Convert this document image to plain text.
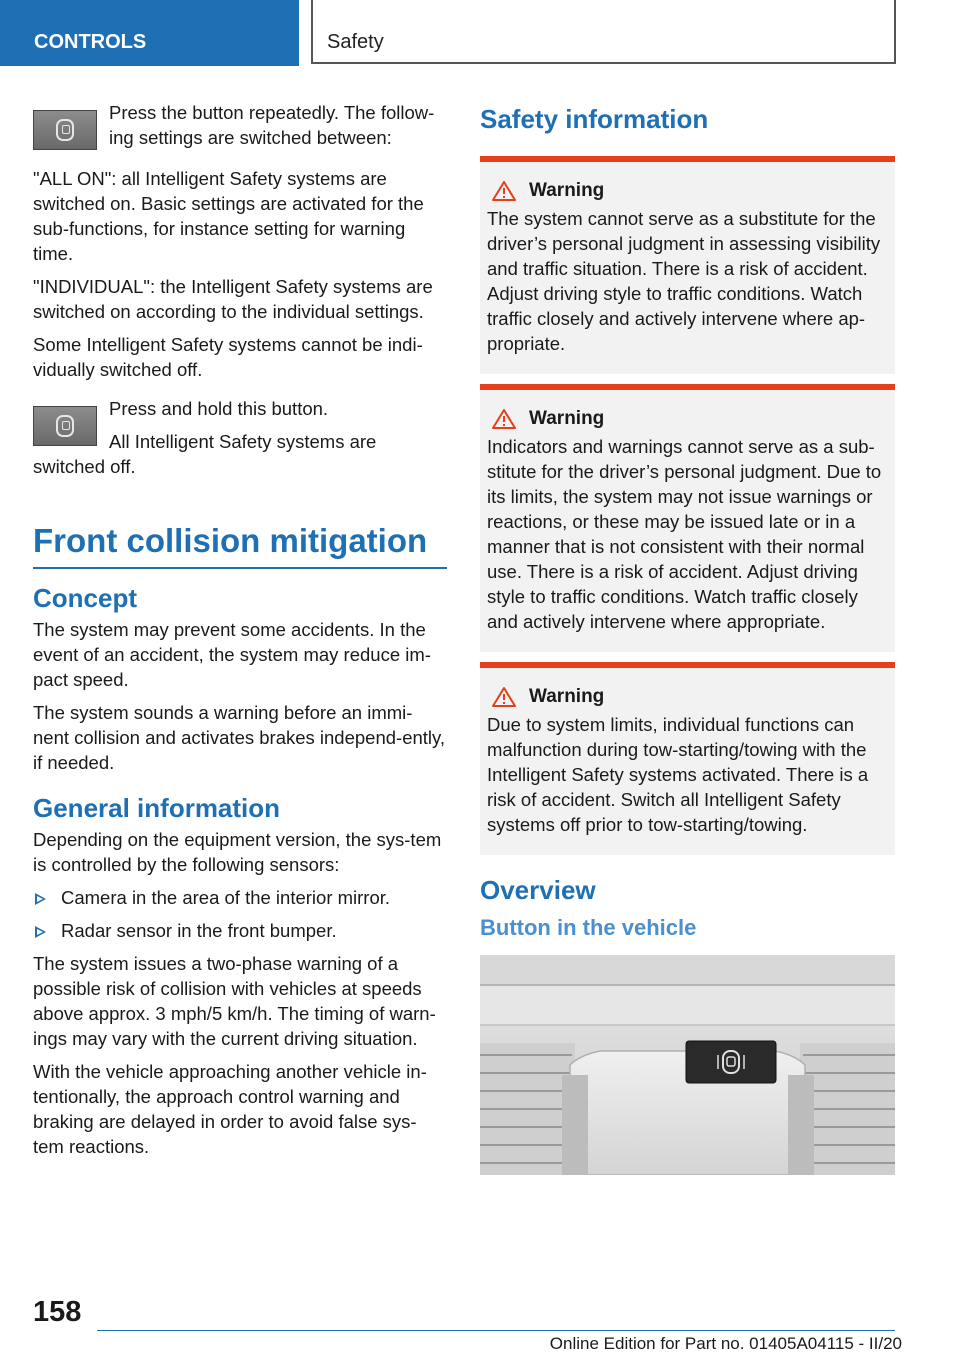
CONTROLS	Safety

Press the button repeatedly. The follow-ing settings are switched between:

"ALL ON": all Intelligent Safety systems are switched on. Basic settings are activated for the sub-functions, for instance setting for warning time.

"INDIVIDUAL": the Intelligent Safety systems are switched on according to the individual settings.

Some Intelligent Safety systems cannot be indi-vidually switched off.

Press and hold this button.

All Intelligent Safety systems are switched off.

Front collision mitigation
Concept

The system may prevent some accidents. In the event of an accident, the system may reduce im-pact speed.

The system sounds a warning before an immi-nent collision and activates brakes independ-ently, if needed.

General information

Depending on the equipment version, the sys-tem is controlled by the following sensors:

Camera in the area of the interior mirror.
Radar sensor in the front bumper.

The system issues a two-phase warning of a possible risk of collision with vehicles at speeds above approx. 3 mph/5 km/h. The timing of warn-ings may vary with the current driving situation.

With the vehicle approaching another vehicle in-tentionally, the approach control warning and braking are delayed in order to avoid false sys-tem reactions.

Safety information
Warning

The system cannot serve as a substitute for the driver’s personal judgment in assessing visibility and traffic situation. There is a risk of accident. Adjust driving style to traffic conditions. Watch traffic closely and actively intervene where ap-propriate.

Warning

Indicators and warnings cannot serve as a sub-stitute for the driver’s personal judgment. Due to its limits, the system may not issue warnings or reactions, or these may be issued late or in a manner that is not consistent with their normal use. There is a risk of accident. Adjust driving style to traffic conditions. Watch traffic closely and actively intervene where appropriate.

Warning

Due to system limits, individual functions can malfunction during tow-starting/towing with the Intelligent Safety systems activated. There is a risk of accident. Switch all Intelligent Safety systems off prior to tow-starting/towing.

Overview
Button in the vehicle
158
Online Edition for Part no. 01405A04115 - II/20
